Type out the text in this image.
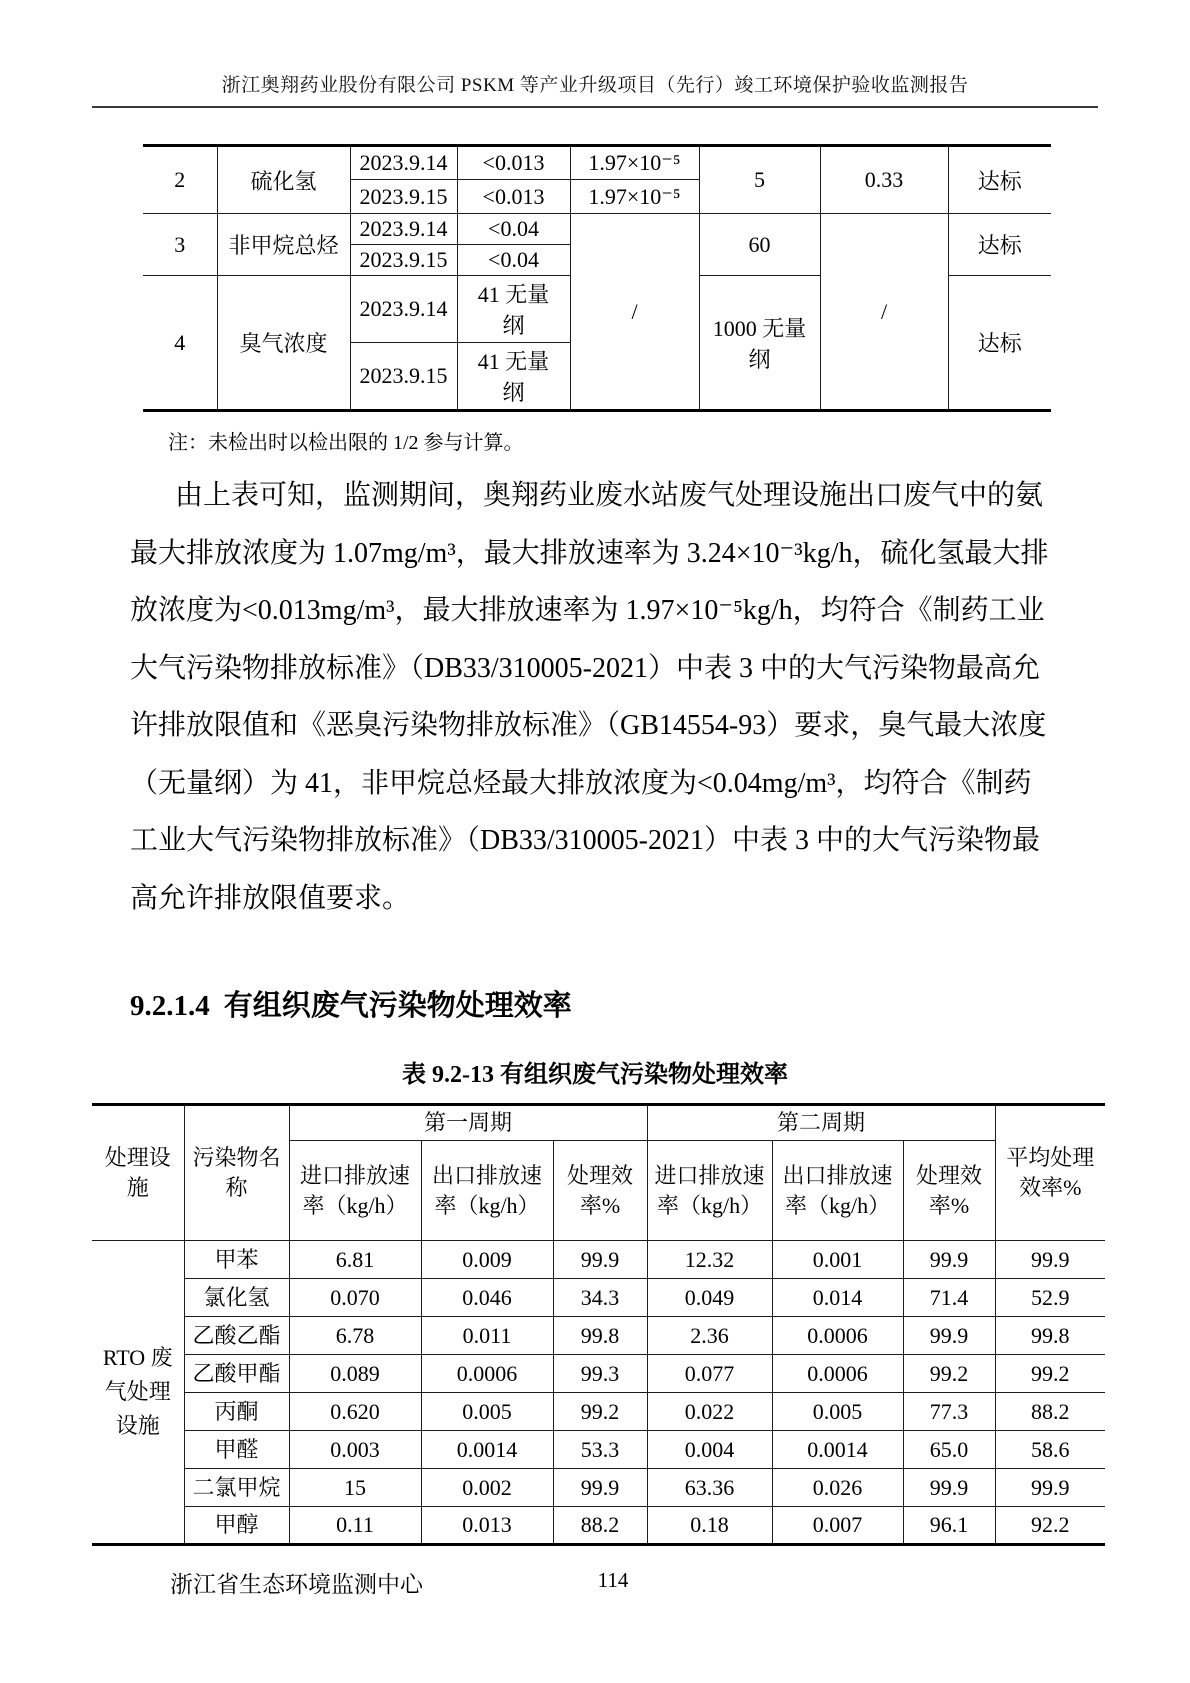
浙江奥翔药业股份有限公司 PSKM 等产业升级项目（先行）竣工环境保护验收监测报告
2	硫化氢	2023.9.14	<0.013	1.97×10⁻⁵	5	0.33	达标
		2023.9.15	<0.013	1.97×10⁻⁵			
3	非甲烷总烃	2023.9.14	<0.04	/	60	/	达标
		2023.9.15	<0.04				
4	臭气浓度	2023.9.14	41 无量纲		1000 无量纲		达标
		2023.9.15	41 无量纲				
注：未检出时以检出限的 1/2 参与计算。
由上表可知，监测期间，奥翔药业废水站废气处理设施出口废气中的氨
最大排放浓度为 1.07mg/m³，最大排放速率为 3.24×10⁻³kg/h，硫化氢最大排
放浓度为<0.013mg/m³，最大排放速率为 1.97×10⁻⁵kg/h，均符合《制药工业
大气污染物排放标准》（DB33/310005-2021）中表 3 中的大气污染物最高允
许排放限值和《恶臭污染物排放标准》（GB14554-93）要求，臭气最大浓度
（无量纲）为 41，非甲烷总烃最大排放浓度为<0.04mg/m³，均符合《制药
工业大气污染物排放标准》（DB33/310005-2021）中表 3 中的大气污染物最
高允许排放限值要求。
9.2.1.4 有组织废气污染物处理效率
表 9.2-13 有组织废气污染物处理效率
处理设施	污染物名称	第一周期			第二周期			平均处理效率%
		进口排放速率（kg/h）	出口排放速率（kg/h）	处理效率%	进口排放速率（kg/h）	出口排放速率（kg/h）	处理效率%	
RTO 废气处理设施	甲苯	6.81	0.009	99.9	12.32	0.001	99.9	99.9
	氯化氢	0.070	0.046	34.3	0.049	0.014	71.4	52.9
	乙酸乙酯	6.78	0.011	99.8	2.36	0.0006	99.9	99.8
	乙酸甲酯	0.089	0.0006	99.3	0.077	0.0006	99.2	99.2
	丙酮	0.620	0.005	99.2	0.022	0.005	77.3	88.2
	甲醛	0.003	0.0014	53.3	0.004	0.0014	65.0	58.6
	二氯甲烷	15	0.002	99.9	63.36	0.026	99.9	99.9
	甲醇	0.11	0.013	88.2	0.18	0.007	96.1	92.2
浙江省生态环境监测中心	114
